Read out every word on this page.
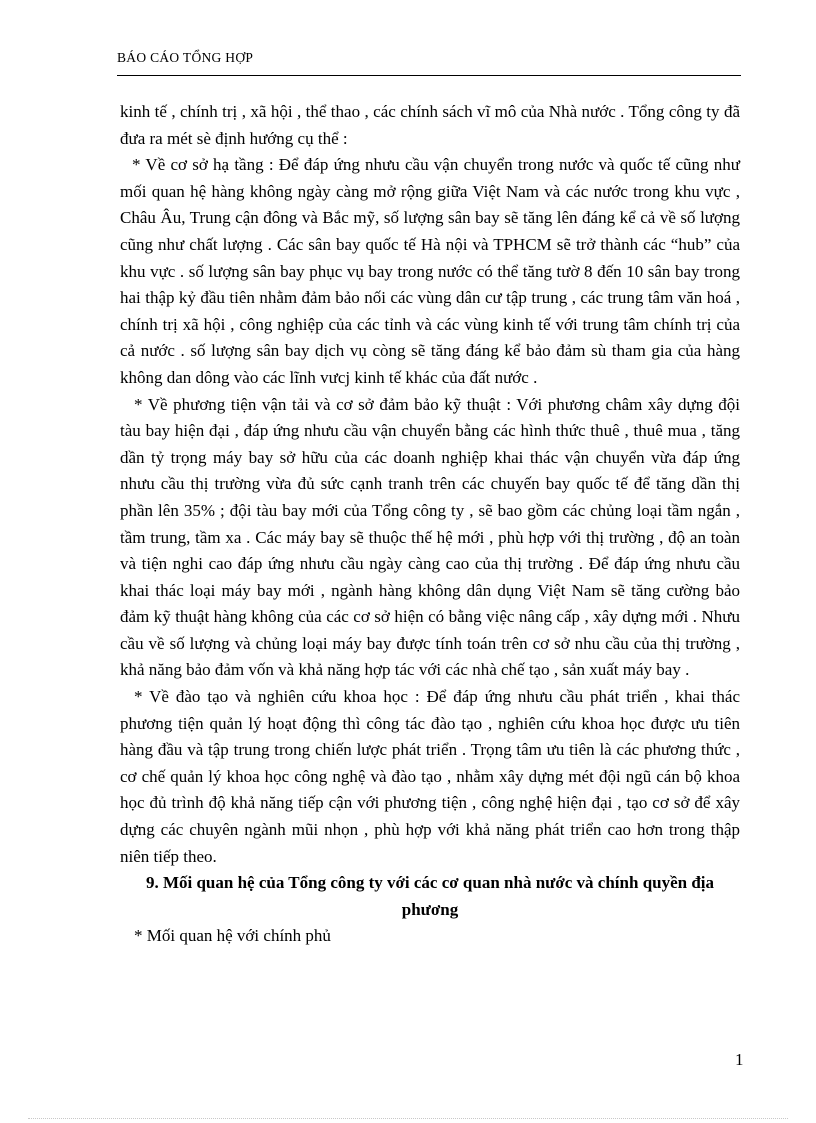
BÁO CÁO TỔNG HỢP

kinh tế , chính trị , xã hội , thể thao , các chính sách vĩ mô của Nhà nước . Tổng công ty đã đưa ra mét sè định hướng cụ thể :

* Về cơ sở hạ tầng : Để đáp ứng nhưu cầu vận chuyển trong nước và quốc tế cũng như mối quan hệ hàng không ngày càng mở rộng giữa Việt Nam và các nước trong khu vực , Châu Âu, Trung cận đông và Bắc mỹ, số lượng sân bay sẽ tăng lên đáng kể cả về số lượng cũng như chất lượng . Các sân bay quốc tế Hà nội và TPHCM sẽ trở thành các “hub” của khu vực . số lượng sân bay phục vụ bay trong nước có thể tăng tườ 8 đến 10 sân bay trong hai thập kỷ đầu tiên nhằm đảm bảo nối các vùng dân cư tập trung , các trung tâm văn hoá , chính trị xã hội , công nghiệp của các tỉnh và các vùng kinh tế với trung tâm chính trị của cả nước . số lượng sân bay dịch vụ còng sẽ tăng đáng kể bảo đảm sù tham gia của hàng không dan dông vào các lĩnh vưcj kinh tế khác của đất nước .

* Về phương tiện vận tải và cơ sở đảm bảo kỹ thuật : Với phương châm xây dựng đội tàu bay hiện đại , đáp ứng nhưu cầu vận chuyển bằng các hình thức thuê , thuê mua , tăng dần tỷ trọng máy bay sở hữu của các doanh nghiệp khai thác vận chuyển vừa đáp ứng nhưu cầu thị trường vừa đủ sức cạnh tranh trên các chuyến bay quốc tế để tăng dần thị phần lên 35% ; đội tàu bay mới của Tổng công ty , sẽ bao gồm các chủng loại tầm ngắn , tầm trung, tầm xa . Các máy bay sẽ thuộc thế hệ mới , phù hợp với thị trường , độ an toàn và tiện nghi cao đáp ứng nhưu cầu ngày càng cao của thị trường . Để đáp ứng nhưu cầu khai thác loại máy bay mới , ngành hàng không dân dụng Việt Nam sẽ tăng cường bảo đảm kỹ thuật hàng không của các cơ sở hiện có bằng việc nâng cấp , xây dựng mới . Nhưu cầu về số lượng và chủng loại máy bay được tính toán trên cơ sở nhu cầu của thị trường , khả năng bảo đảm vốn và khả năng hợp tác với các nhà chế tạo , sản xuất máy bay .

* Về đào tạo và nghiên cứu khoa học : Để đáp ứng nhưu cầu phát triển , khai thác phương tiện quản lý hoạt động thì công tác đào tạo , nghiên cứu khoa học được ưu tiên hàng đầu và tập trung trong chiến lược phát triển . Trọng tâm ưu tiên là các phương thức , cơ chế quản lý khoa học công nghệ và đào tạo , nhằm xây dựng mét đội ngũ cán bộ khoa học đủ trình độ khả năng tiếp cận với phương tiện , công nghệ hiện đại , tạo cơ sở để xây dựng các chuyên ngành mũi nhọn , phù hợp với khả năng phát triển cao hơn trong thập niên tiếp theo.

9. Mối quan hệ của Tổng công ty với các cơ quan nhà nước và chính quyền địa phương

* Mối quan hệ với chính phủ

1
